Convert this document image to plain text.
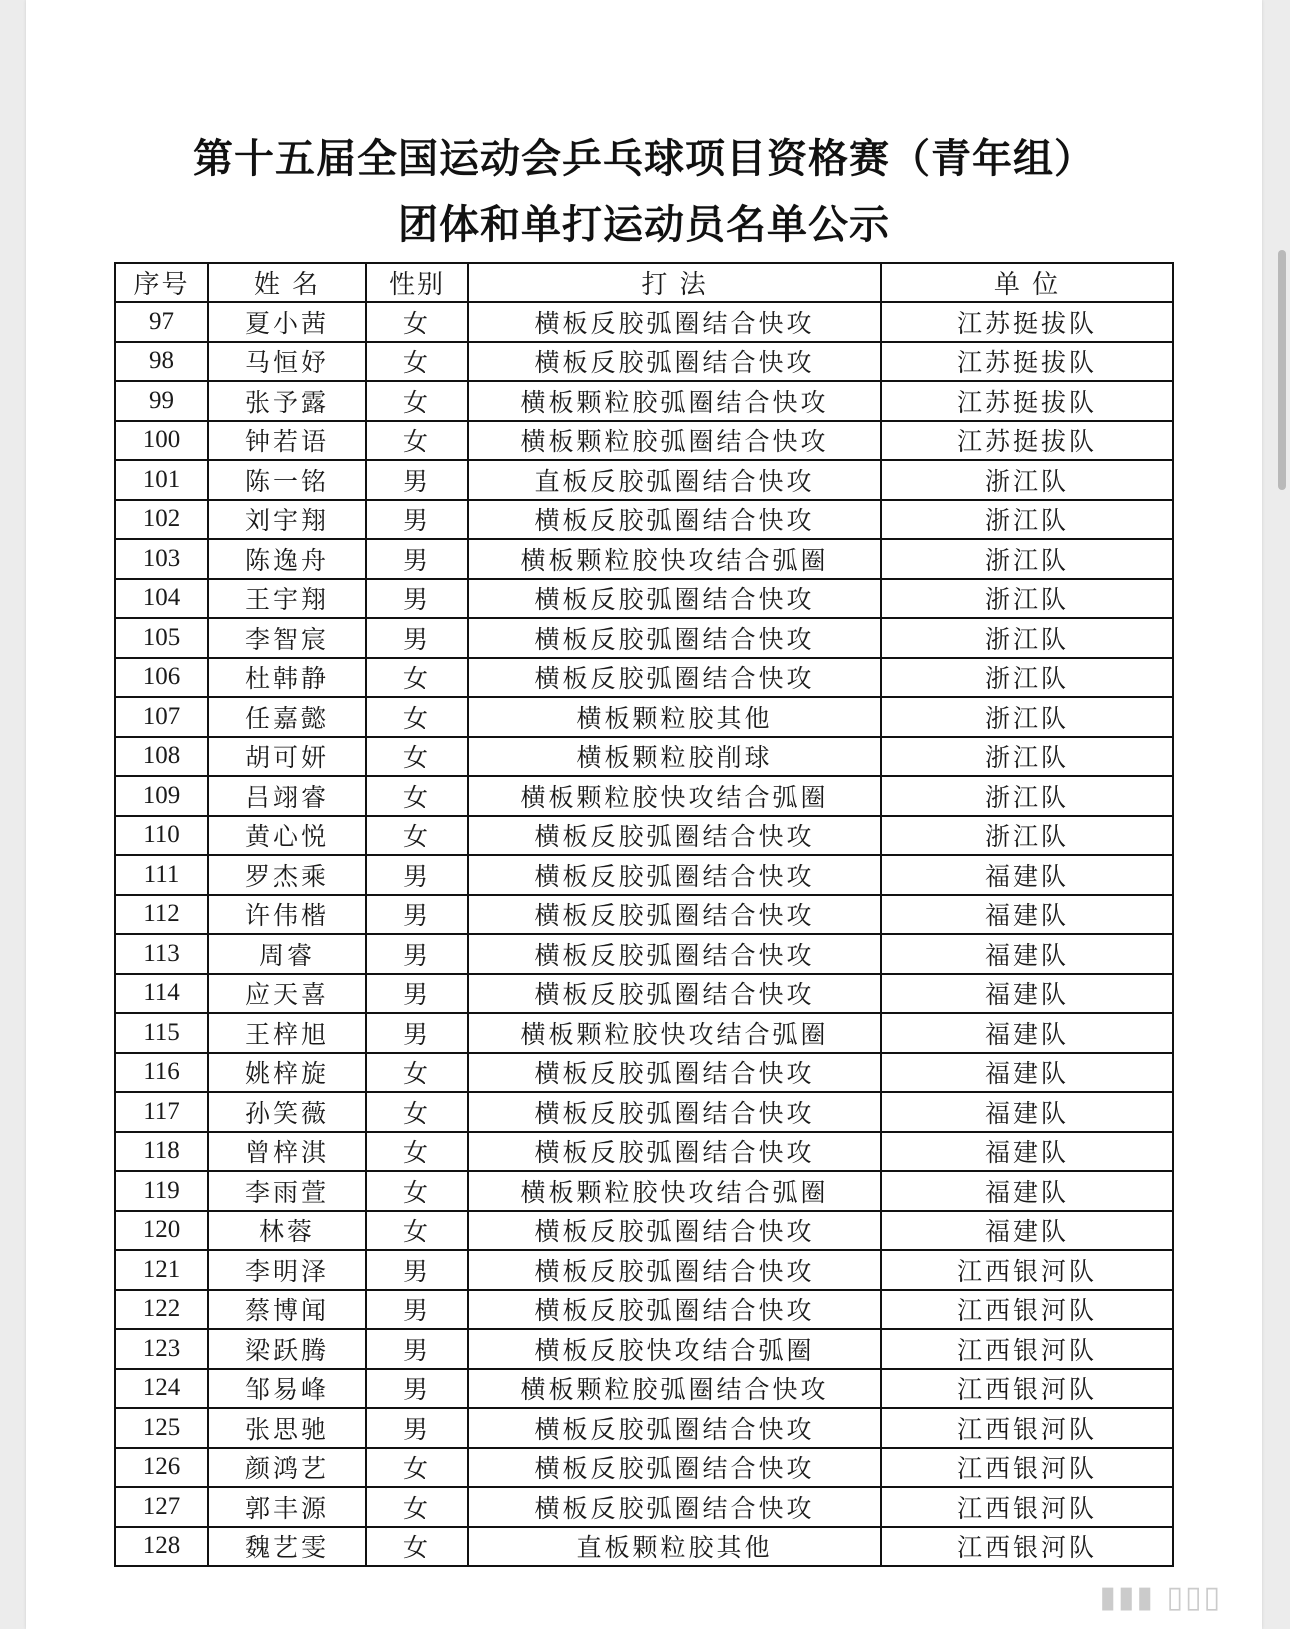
第十五届全国运动会乒乓球项目资格赛（青年组）
团体和单打运动员名单公示
序号	姓 名	性别	打 法	单 位
97	夏小茜	女	横板反胶弧圈结合快攻	江苏挺拔队
98	马恒妤	女	横板反胶弧圈结合快攻	江苏挺拔队
99	张予露	女	横板颗粒胶弧圈结合快攻	江苏挺拔队
100	钟若语	女	横板颗粒胶弧圈结合快攻	江苏挺拔队
101	陈一铭	男	直板反胶弧圈结合快攻	浙江队
102	刘宇翔	男	横板反胶弧圈结合快攻	浙江队
103	陈逸舟	男	横板颗粒胶快攻结合弧圈	浙江队
104	王宇翔	男	横板反胶弧圈结合快攻	浙江队
105	李智宸	男	横板反胶弧圈结合快攻	浙江队
106	杜韩静	女	横板反胶弧圈结合快攻	浙江队
107	任嘉懿	女	横板颗粒胶其他	浙江队
108	胡可妍	女	横板颗粒胶削球	浙江队
109	吕翊睿	女	横板颗粒胶快攻结合弧圈	浙江队
110	黄心悦	女	横板反胶弧圈结合快攻	浙江队
111	罗杰乘	男	横板反胶弧圈结合快攻	福建队
112	许伟楷	男	横板反胶弧圈结合快攻	福建队
113	周睿	男	横板反胶弧圈结合快攻	福建队
114	应天喜	男	横板反胶弧圈结合快攻	福建队
115	王梓旭	男	横板颗粒胶快攻结合弧圈	福建队
116	姚梓旋	女	横板反胶弧圈结合快攻	福建队
117	孙笑薇	女	横板反胶弧圈结合快攻	福建队
118	曾梓淇	女	横板反胶弧圈结合快攻	福建队
119	李雨萱	女	横板颗粒胶快攻结合弧圈	福建队
120	林蓉	女	横板反胶弧圈结合快攻	福建队
121	李明泽	男	横板反胶弧圈结合快攻	江西银河队
122	蔡博闻	男	横板反胶弧圈结合快攻	江西银河队
123	梁跃腾	男	横板反胶快攻结合弧圈	江西银河队
124	邹易峰	男	横板颗粒胶弧圈结合快攻	江西银河队
125	张思驰	男	横板反胶弧圈结合快攻	江西银河队
126	颜鸿艺	女	横板反胶弧圈结合快攻	江西银河队
127	郭丰源	女	横板反胶弧圈结合快攻	江西银河队
128	魏艺雯	女	直板颗粒胶其他	江西银河队
▮▮▮ ▯▯▯
